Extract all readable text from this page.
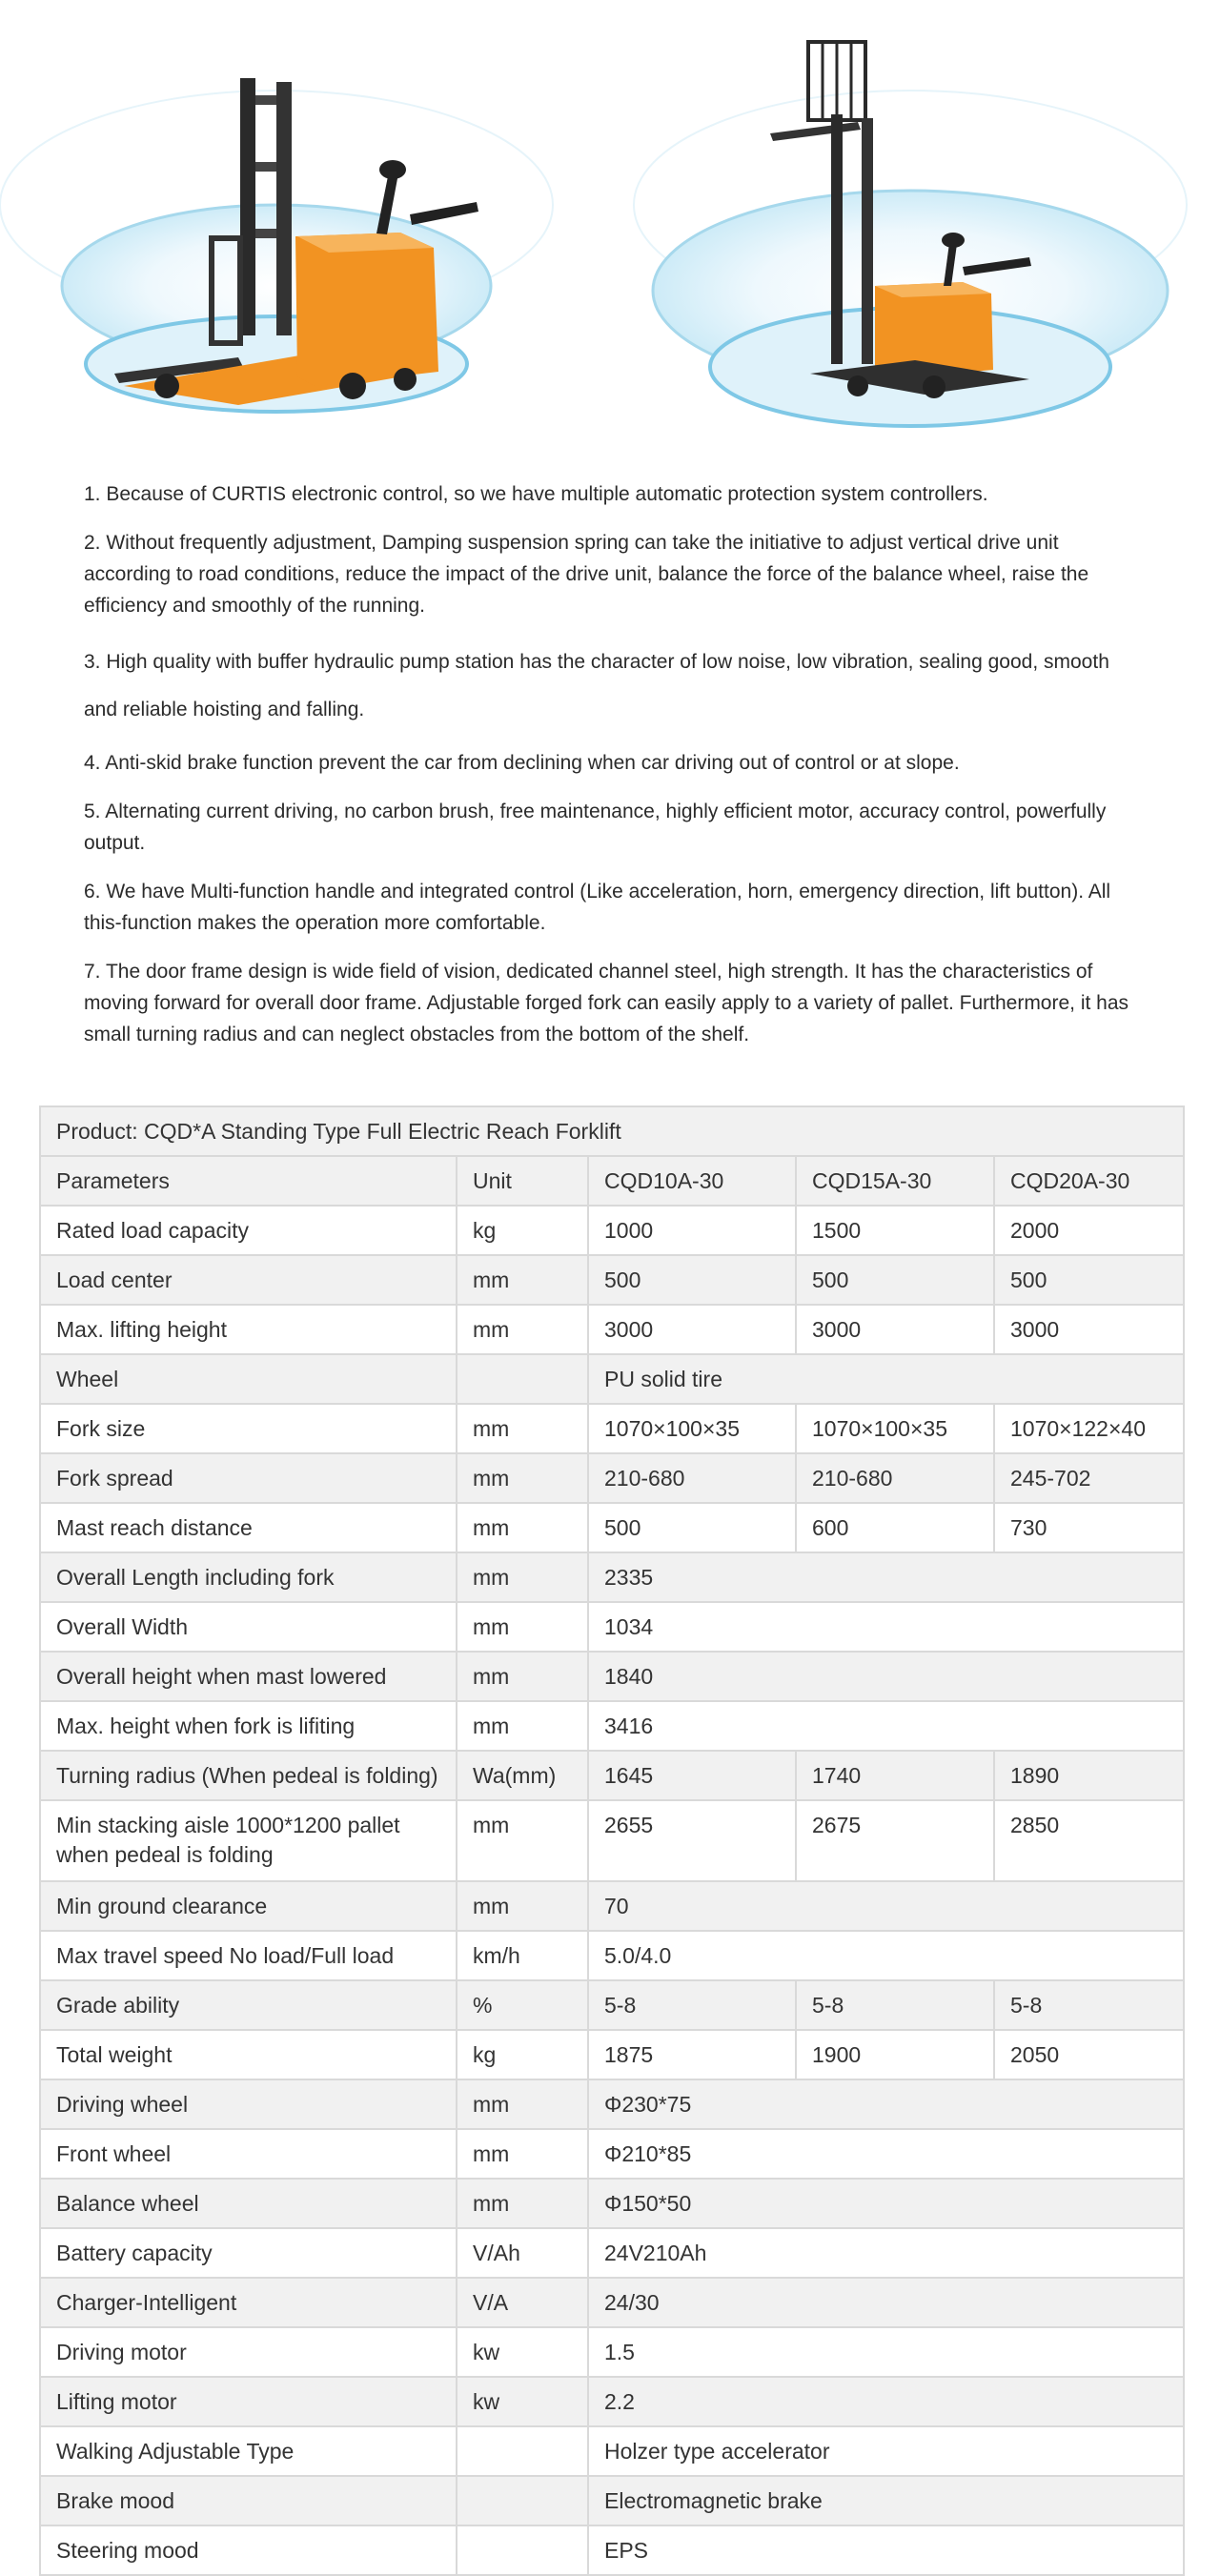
1. Because of CURTIS electronic control, so we have multiple automatic protection system controllers.

2. Without frequently adjustment, Damping suspension spring can take the initiative to adjust vertical drive unit according to road conditions, reduce the impact of the drive unit, balance the force of the balance wheel, raise the efficiency and smoothly of the running.

3. High quality with buffer hydraulic pump station has the character of low noise, low vibration, sealing good, smooth and reliable hoisting and falling.

4. Anti-skid brake function prevent the car from declining when car driving out of control or at slope.

5. Alternating current driving, no carbon brush, free maintenance, highly efficient motor, accuracy control, powerfully output.

6. We have Multi-function handle and integrated control (Like acceleration, horn, emergency direction, lift button). All this-function makes the operation more comfortable.

7. The door frame design is wide field of vision, dedicated channel steel, high strength. It has the characteristics of moving forward for overall door frame. Adjustable forged fork can easily apply to a variety of pallet. Furthermore, it has small turning radius and can neglect obstacles from the bottom of the shelf.

Product: CQD*A Standing Type Full Electric Reach Forklift				
Parameters	Unit	CQD10A-30	CQD15A-30	CQD20A-30
Rated load capacity	kg	1000	1500	2000
Load center	mm	500	500	500
Max. lifting height	mm	3000	3000	3000
Wheel		PU solid tire		
Fork size	mm	1070×100×35	1070×100×35	1070×122×40
Fork spread	mm	210-680	210-680	245-702
Mast reach distance	mm	500	600	730
Overall Length including fork	mm	2335		
Overall Width	mm	1034		
Overall height when mast lowered	mm	1840		
Max. height when fork is lifiting	mm	3416		
Turning radius (When pedeal is folding)	Wa(mm)	1645	1740	1890
Min stacking aisle 1000*1200 pallet when pedeal is folding	mm	2655	2675	2850
Min ground clearance	mm	70		
Max travel speed No load/Full load	km/h	5.0/4.0		
Grade ability	%	5-8	5-8	5-8
Total weight	kg	1875	1900	2050
Driving wheel	mm	Φ230*75		
Front wheel	mm	Φ210*85		
Balance wheel	mm	Φ150*50		
Battery capacity	V/Ah	24V210Ah		
Charger-Intelligent	V/A	24/30		
Driving motor	kw	1.5		
Lifting motor	kw	2.2		
Walking Adjustable Type		Holzer type accelerator		
Brake mood		Electromagnetic brake		
Steering mood		EPS		
